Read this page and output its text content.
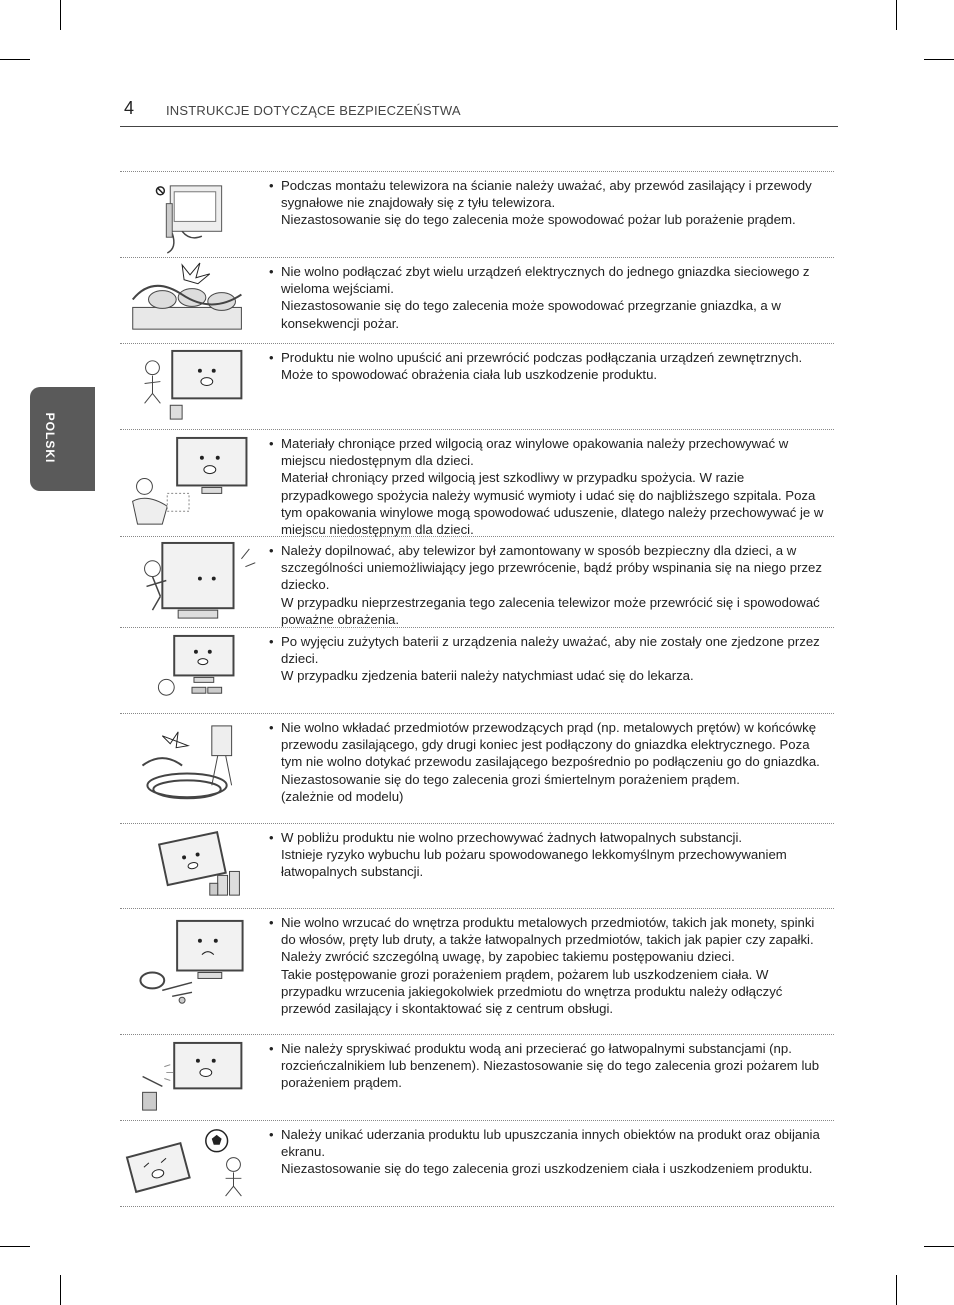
4 INSTRUKCJE DOTYCZĄCE BEZPIECZEŃSTWA
POLSKI
• Podczas montażu telewizora na ścianie należy uważać, aby przewód zasilający i przewody sygnałowe nie znajdowały się z tyłu telewizora.

Niezastosowanie się do tego zalecenia może spowodować pożar lub porażenie prądem.

• Nie wolno podłączać zbyt wielu urządzeń elektrycznych do jednego gniazdka sieciowego z wieloma wejściami.

Niezastosowanie się do tego zalecenia może spowodować przegrzanie gniazdka, a w konsekwencji pożar.

• Produktu nie wolno upuścić ani przewrócić podczas podłączania urządzeń zewnętrznych.

Może to spowodować obrażenia ciała lub uszkodzenie produktu.

• Materiały chroniące przed wilgocią oraz winylowe opakowania należy przechowywać w miejscu niedostępnym dla dzieci.

Materiał chroniący przed wilgocią jest szkodliwy w przypadku spożycia. W razie przypadkowego spożycia należy wymusić wymioty i udać się do najbliższego szpitala. Poza tym opakowania winylowe mogą spowodować uduszenie, dlatego należy przechowywać je w miejscu niedostępnym dla dzieci.

• Należy dopilnować, aby telewizor był zamontowany w sposób bezpieczny dla dzieci, a w szczególności uniemożliwiający jego przewrócenie, bądź próby wspinania się na niego przez dziecko.

W przypadku nieprzestrzegania tego zalecenia telewizor może przewrócić się i spowodować poważne obrażenia.

• Po wyjęciu zużytych baterii z urządzenia należy uważać, aby nie zostały one zjedzone przez dzieci.

W przypadku zjedzenia baterii należy natychmiast udać się do lekarza.

• Nie wolno wkładać przedmiotów przewodzących prąd (np. metalowych prętów) w końcówkę przewodu zasilającego, gdy drugi koniec jest podłączony do gniazdka elektrycznego. Poza tym nie wolno dotykać przewodu zasilającego bezpośrednio po podłączeniu go do gniazdka.

Niezastosowanie się do tego zalecenia grozi śmiertelnym porażeniem prądem.

(zależnie od modelu)

• W pobliżu produktu nie wolno przechowywać żadnych łatwopalnych substancji.

Istnieje ryzyko wybuchu lub pożaru spowodowanego lekkomyślnym przechowywaniem łatwopalnych substancji.

• Nie wolno wrzucać do wnętrza produktu metalowych przedmiotów, takich jak monety, spinki do włosów, pręty lub druty, a także łatwopalnych przedmiotów, takich jak papier czy zapałki. Należy zwrócić szczególną uwagę, by zapobiec takiemu postępowaniu dzieci.

Takie postępowanie grozi porażeniem prądem, pożarem lub uszkodzeniem ciała. W przypadku wrzucenia jakiegokolwiek przedmiotu do wnętrza produktu należy odłączyć przewód zasilający i skontaktować się z centrum obsługi.

• Nie należy spryskiwać produktu wodą ani przecierać go łatwopalnymi substancjami (np. rozcieńczalnikiem lub benzenem). Niezastosowanie się do tego zalecenia grozi pożarem lub porażeniem prądem.

• Należy unikać uderzania produktu lub upuszczania innych obiektów na produkt oraz obijania ekranu.

Niezastosowanie się do tego zalecenia grozi uszkodzeniem ciała i uszkodzeniem produktu.
